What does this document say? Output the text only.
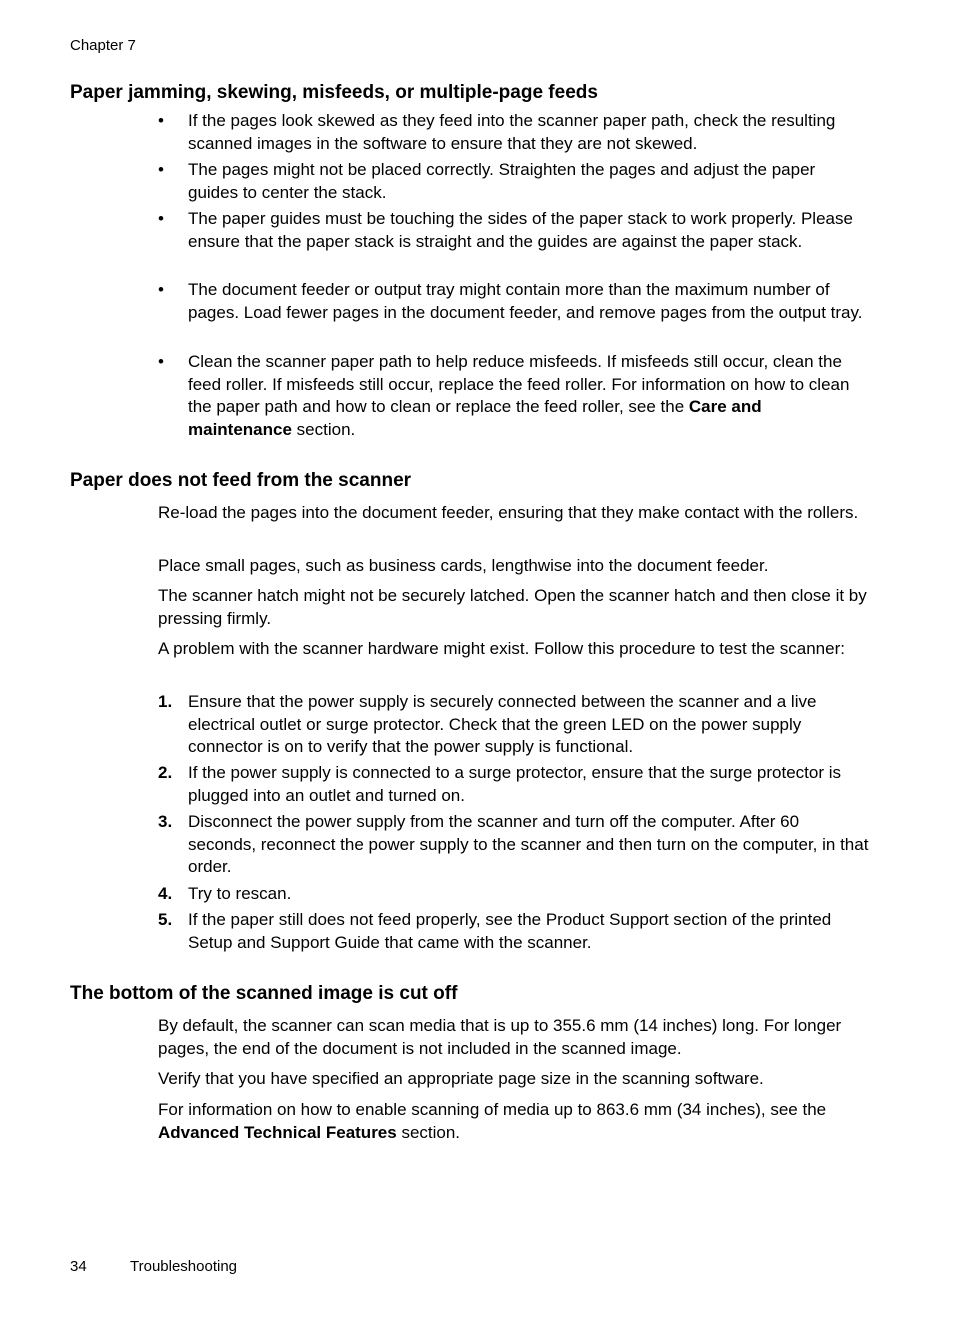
Chapter 7
Paper jamming, skewing, misfeeds, or multiple-page feeds
•	If the pages look skewed as they feed into the scanner paper path, check the resulting scanned images in the software to ensure that they are not skewed.
•	The pages might not be placed correctly. Straighten the pages and adjust the paper guides to center the stack.
•	The paper guides must be touching the sides of the paper stack to work properly. Please ensure that the paper stack is straight and the guides are against the paper stack.
•	The document feeder or output tray might contain more than the maximum number of pages. Load fewer pages in the document feeder, and remove pages from the output tray.
•	Clean the scanner paper path to help reduce misfeeds. If misfeeds still occur, clean the feed roller. If misfeeds still occur, replace the feed roller. For information on how to clean the paper path and how to clean or replace the feed roller, see the Care and maintenance section.
Paper does not feed from the scanner

Re-load the pages into the document feeder, ensuring that they make contact with the rollers.

Place small pages, such as business cards, lengthwise into the document feeder.

The scanner hatch might not be securely latched. Open the scanner hatch and then close it by pressing firmly.

A problem with the scanner hardware might exist. Follow this procedure to test the scanner:

1. Ensure that the power supply is securely connected between the scanner and a live electrical outlet or surge protector. Check that the green LED on the power supply connector is on to verify that the power supply is functional.
2. If the power supply is connected to a surge protector, ensure that the surge protector is plugged into an outlet and turned on.
3. Disconnect the power supply from the scanner and turn off the computer. After 60 seconds, reconnect the power supply to the scanner and then turn on the computer, in that order.
4. Try to rescan.
5. If the paper still does not feed properly, see the Product Support section of the printed Setup and Support Guide that came with the scanner.
The bottom of the scanned image is cut off

By default, the scanner can scan media that is up to 355.6 mm (14 inches) long. For longer pages, the end of the document is not included in the scanned image.

Verify that you have specified an appropriate page size in the scanning software.

For information on how to enable scanning of media up to 863.6 mm (34 inches), see the Advanced Technical Features section.

34	Troubleshooting
